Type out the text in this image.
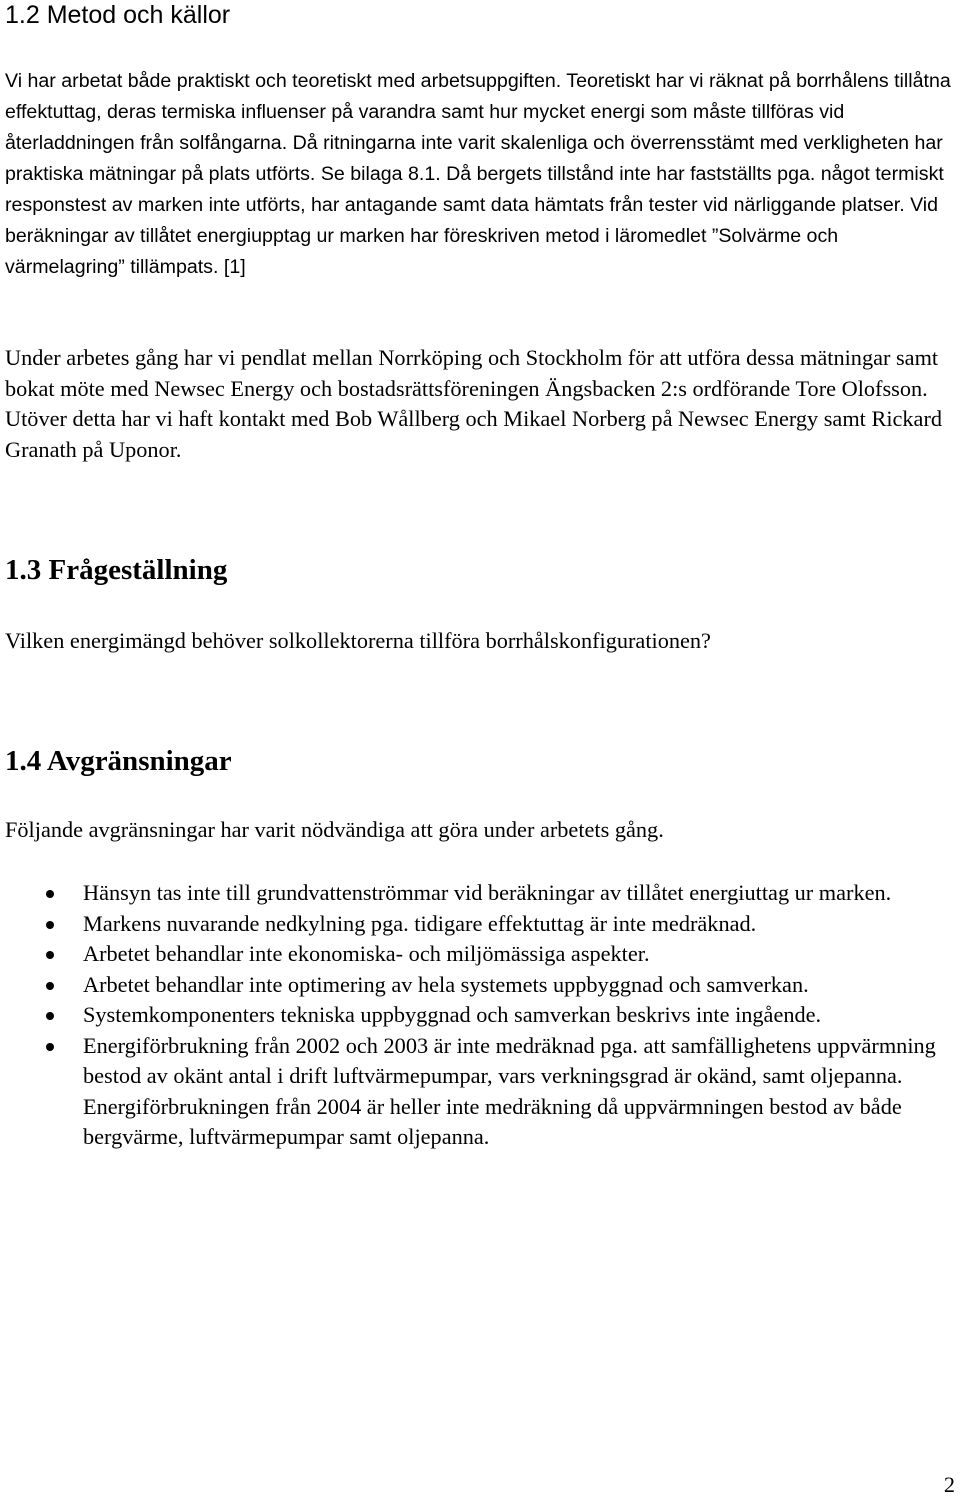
1.2 Metod och källor

Vi har arbetat både praktiskt och teoretiskt med arbetsuppgiften. Teoretiskt har vi räknat på borrhålens tillåtna effektuttag, deras termiska influenser på varandra samt hur mycket energi som måste tillföras vid återladdningen från solfångarna. Då ritningarna inte varit skalenliga och överrensstämt med verkligheten har praktiska mätningar på plats utförts. Se bilaga 8.1. Då bergets tillstånd inte har fastställts pga. något termiskt responstest av marken inte utförts, har antagande samt data hämtats från tester vid närliggande platser. Vid beräkningar av tillåtet energiupptag ur marken har föreskriven metod i läromedlet ”Solvärme och värmelagring” tillämpats. [1]

Under arbetes gång har vi pendlat mellan Norrköping och Stockholm för att utföra dessa mätningar samt bokat möte med Newsec Energy och bostadsrättsföreningen Ängsbacken 2:s ordförande Tore Olofsson. Utöver detta har vi haft kontakt med Bob Wållberg och Mikael Norberg på Newsec Energy samt Rickard Granath på Uponor.

1.3 Frågeställning

Vilken energimängd behöver solkollektorerna tillföra borrhålskonfigurationen?

1.4 Avgränsningar

Följande avgränsningar har varit nödvändiga att göra under arbetets gång.

Hänsyn tas inte till grundvattenströmmar vid beräkningar av tillåtet energiuttag ur marken.
Markens nuvarande nedkylning pga. tidigare effektuttag är inte medräknad.
Arbetet behandlar inte ekonomiska- och miljömässiga aspekter.
Arbetet behandlar inte optimering av hela systemets uppbyggnad och samverkan.
Systemkomponenters tekniska uppbyggnad och samverkan beskrivs inte ingående.
Energiförbrukning från 2002 och 2003 är inte medräknad pga. att samfällighetens uppvärmning bestod av okänt antal i drift luftvärmepumpar, vars verkningsgrad är okänd, samt oljepanna. Energiförbrukningen från 2004 är heller inte medräkning då uppvärmningen bestod av både bergvärme, luftvärmepumpar samt oljepanna.
2
